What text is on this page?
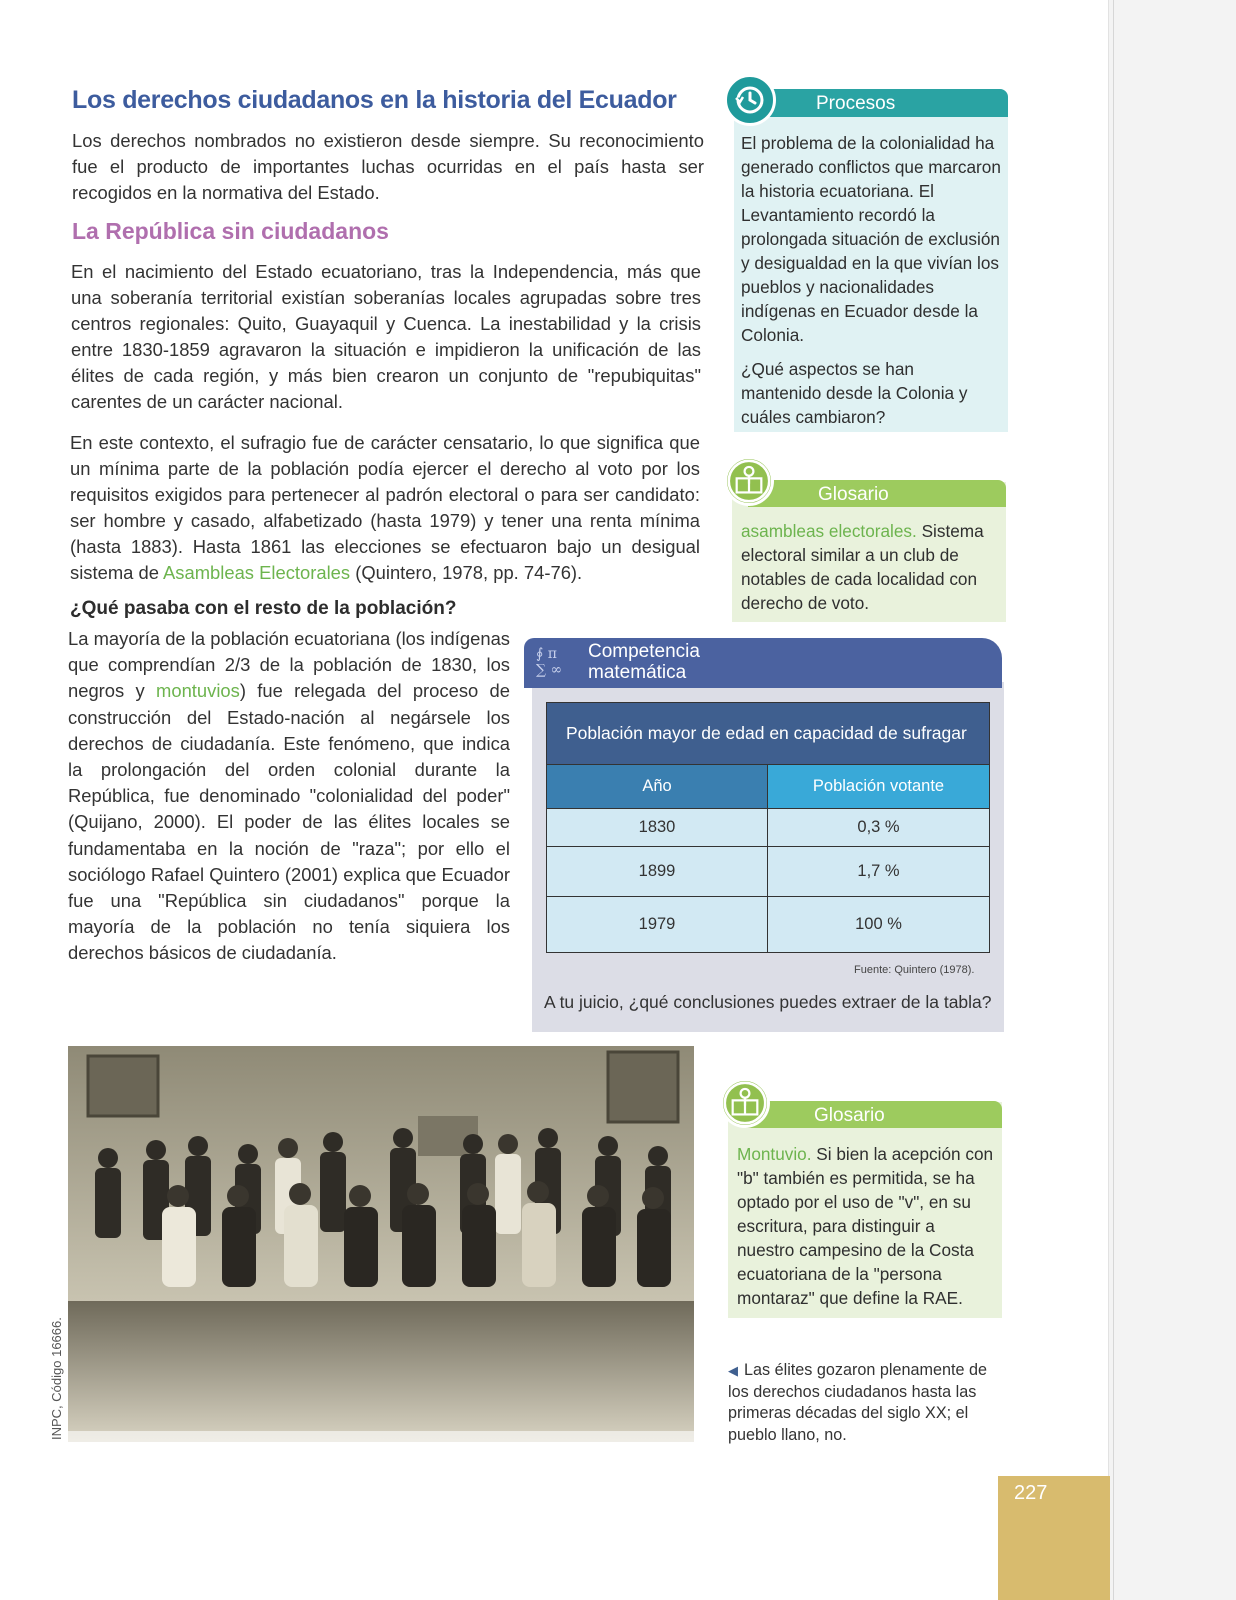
Los derechos ciudadanos en la historia del Ecuador

Los derechos nombrados no existieron desde siempre. Su reconocimiento fue el producto de importantes luchas ocurridas en el país hasta ser recogidos en la normativa del Estado.

La República sin ciudadanos

En el nacimiento del Estado ecuatoriano, tras la Independencia, más que una soberanía territorial existían soberanías locales agrupadas sobre tres centros regionales: Quito, Guayaquil y Cuenca. La inestabilidad y la crisis entre 1830-1859 agravaron la situación e impidieron la unificación de las élites de cada región, y más bien crearon un conjunto de "repubiquitas" carentes de un carácter nacional.

En este contexto, el sufragio fue de carácter censatario, lo que significa que un mínima parte de la población podía ejercer el derecho al voto por los requisitos exigidos para pertenecer al padrón electoral o para ser candidato: ser hombre y casado, alfabetizado (hasta 1979) y tener una renta mínima (hasta 1883). Hasta 1861 las elecciones se efectuaron bajo un desigual sistema de Asambleas Electorales (Quintero, 1978, pp. 74-76).

¿Qué pasaba con el resto de la población?

La mayoría de la población ecuatoriana (los indígenas que comprendían 2/3 de la población de 1830, los negros y montuvios) fue relegada del proceso de construcción del Estado-nación al negársele los derechos de ciudadanía. Este fenómeno, que indica la prolongación del orden colonial durante la República, fue denominado "colonialidad del poder" (Quijano, 2000). El poder de las élites locales se fundamentaba en la noción de "raza"; por ello el sociólogo Rafael Quintero (2001) explica que Ecuador fue una "República sin ciudadanos" porque la mayoría de la población no tenía siquiera los derechos básicos de ciudadanía.

Procesos

El problema de la colonialidad ha generado conflictos que marcaron la historia ecuatoriana. El Levantamiento recordó la prolongada situación de exclusión y desigualdad en la que vivían los pueblos y nacionalidades indígenas en Ecuador desde la Colonia.

¿Qué aspectos se han mantenido desde la Colonia y cuáles cambiaron?

Glosario

asambleas electorales. Sistema electoral similar a un club de notables de cada localidad con derecho de voto.

∮ π
∑ ∞
Competencia
matemática
Población mayor de edad en capacidad de sufragar	
Año	Población votante
1830	0,3 %
1899	1,7 %
1979	100 %
Fuente: Quintero (1978).
A tu juicio, ¿qué conclusiones puedes extraer de la tabla?
INPC, Código 16666.
Glosario

Montuvio. Si bien la acepción con "b" también es permitida, se ha optado por el uso de "v", en su escritura, para distinguir a nuestro campesino de la Costa ecuatoriana de la "persona montaraz" que define la RAE.

◀ Las élites gozaron plenamente de los derechos ciudadanos hasta las primeras décadas del siglo XX; el pueblo llano, no.

227
